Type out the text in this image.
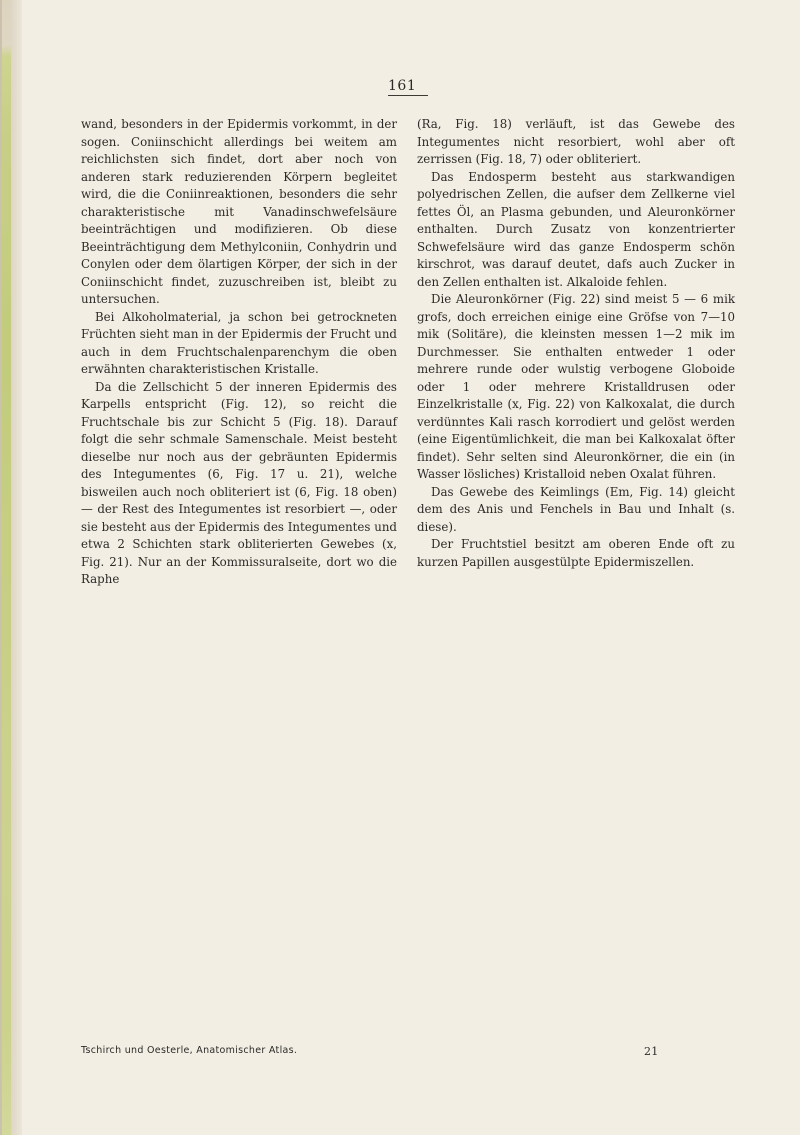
161

wand, besonders in der Epidermis vorkommt, in der sogen. Coniinschicht allerdings bei weitem am reichlichsten sich findet, dort aber noch von anderen stark reduzierenden Körpern begleitet wird, die die Coniinreaktionen, besonders die sehr charakteristische mit Vanadinschwefelsäure beeinträchtigen und modifizieren. Ob diese Beeinträchtigung dem Methylconiin, Conhydrin und Conylen oder dem ölartigen Körper, der sich in der Coniinschicht findet, zuzuschreiben ist, bleibt zu untersuchen.

Bei Alkoholmaterial, ja schon bei getrockneten Früchten sieht man in der Epidermis der Frucht und auch in dem Fruchtschalenparenchym die oben erwähnten charakteristischen Kristalle.

Da die Zellschicht 5 der inneren Epidermis des Karpells entspricht (Fig. 12), so reicht die Fruchtschale bis zur Schicht 5 (Fig. 18). Darauf folgt die sehr schmale Samenschale. Meist besteht dieselbe nur noch aus der gebräunten Epidermis des Integumentes (6, Fig. 17 u. 21), welche bisweilen auch noch obliteriert ist (6, Fig. 18 oben) — der Rest des Integumentes ist resorbiert —, oder sie besteht aus der Epidermis des Integumentes und etwa 2 Schichten stark obliterierten Gewebes (x, Fig. 21). Nur an der Kommissuralseite, dort wo die Raphe

(Ra, Fig. 18) verläuft, ist das Gewebe des Integumentes nicht resorbiert, wohl aber oft zerrissen (Fig. 18, 7) oder obliteriert.

Das Endosperm besteht aus starkwandigen polyedrischen Zellen, die aufser dem Zellkerne viel fettes Öl, an Plasma gebunden, und Aleuronkörner enthalten. Durch Zusatz von konzentrierter Schwefelsäure wird das ganze Endosperm schön kirschrot, was darauf deutet, dafs auch Zucker in den Zellen enthalten ist. Alkaloide fehlen.

Die Aleuronkörner (Fig. 22) sind meist 5 — 6 mik grofs, doch erreichen einige eine Gröfse von 7—10 mik (Solitäre), die kleinsten messen 1—2 mik im Durchmesser. Sie enthalten entweder 1 oder mehrere runde oder wulstig verbogene Globoide oder 1 oder mehrere Kristalldrusen oder Einzelkristalle (x, Fig. 22) von Kalkoxalat, die durch verdünntes Kali rasch korrodiert und gelöst werden (eine Eigentümlichkeit, die man bei Kalkoxalat öfter findet). Sehr selten sind Aleuronkörner, die ein (in Wasser lösliches) Kristalloid neben Oxalat führen.

Das Gewebe des Keimlings (Em, Fig. 14) gleicht dem des Anis und Fenchels in Bau und Inhalt (s. diese).

Der Fruchtstiel besitzt am oberen Ende oft zu kurzen Papillen ausgestülpte Epidermiszellen.

Tschirch und Oesterle, Anatomischer Atlas.	21
